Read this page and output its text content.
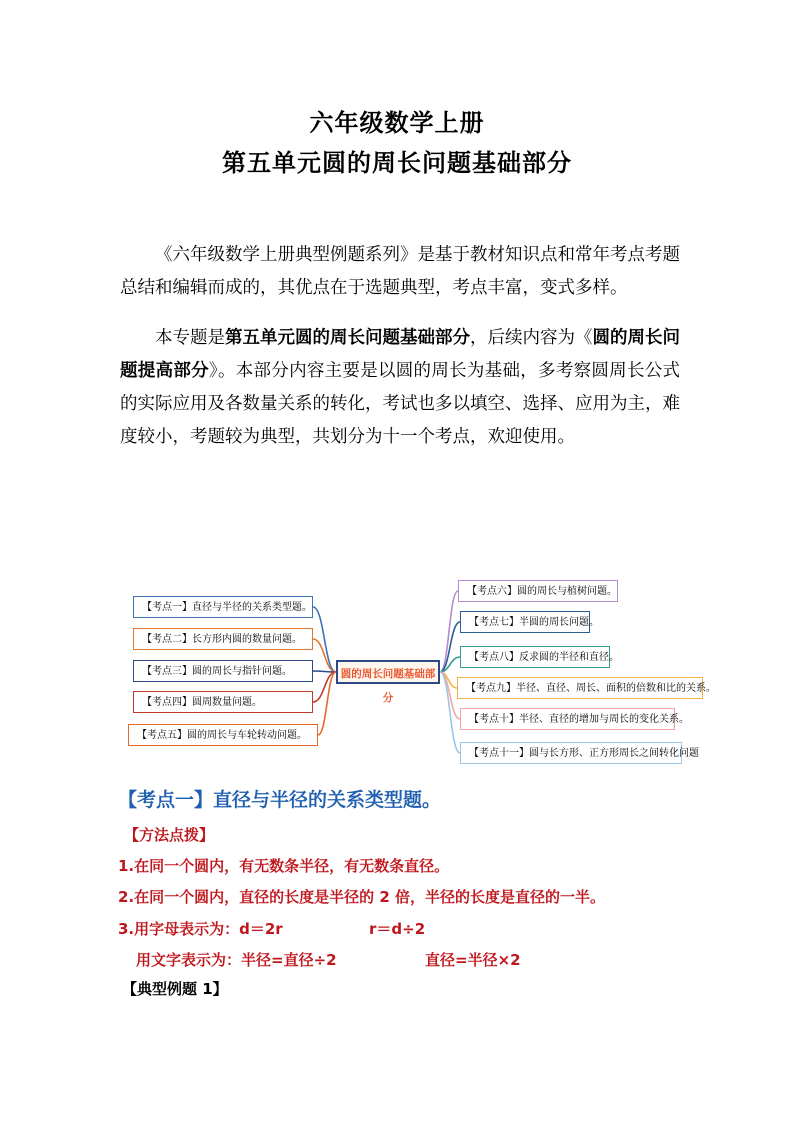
六年级数学上册
第五单元圆的周长问题基础部分
《六年级数学上册典型例题系列》是基于教材知识点和常年考点考题总结和编辑而成的，其优点在于选题典型，考点丰富，变式多样。
本专题是第五单元圆的周长问题基础部分，后续内容为《圆的周长问题提高部分》。本部分内容主要是以圆的周长为基础，多考察圆周长公式的实际应用及各数量关系的转化，考试也多以填空、选择、应用为主，难度较小，考题较为典型，共划分为十一个考点，欢迎使用。
圆的周长问题基础部分
【考点一】直径与半径的关系类型题。
【考点二】长方形内圆的数量问题。
【考点三】圆的周长与指针问题。
【考点四】圆周数量问题。
【考点五】圆的周长与车轮转动问题。
【考点六】圆的周长与植树问题。
【考点七】半圆的周长问题。
【考点八】反求圆的半径和直径。
【考点九】半径、直径、周长、面积的倍数和比的关系。
【考点十】半径、直径的增加与周长的变化关系。
【考点十一】圆与长方形、正方形周长之间转化问题
【考点一】直径与半径的关系类型题。
【方法点拨】
1.在同一个圆内，有无数条半径，有无数条直径。
2.在同一个圆内，直径的长度是半径的 2 倍，半径的长度是直径的一半。
3.用字母表示为：d＝2r	r＝d÷2
用文字表示为：半径=直径÷2	直径=半径×2
【典型例题 1】
